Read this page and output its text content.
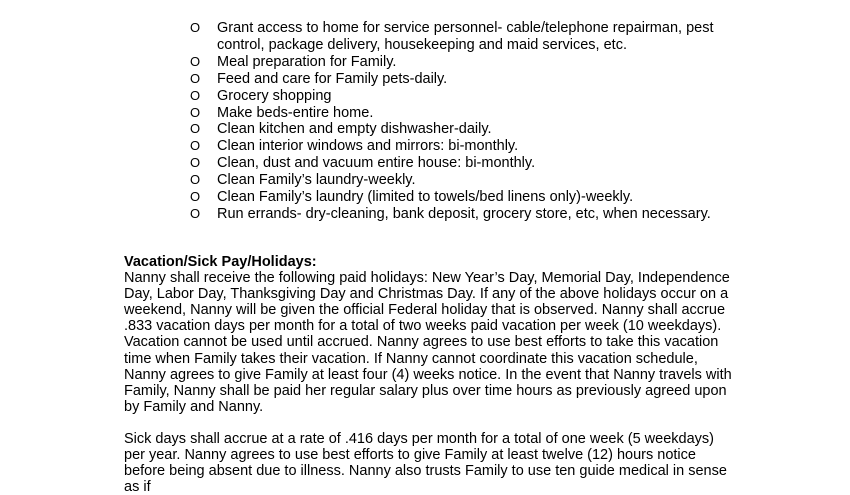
O	Grant access to home for service personnel- cable/telephone repairman, pest control, package delivery, housekeeping and maid services, etc.
O	Meal preparation for Family.
O	Feed and care for Family pets-daily.
O	Grocery shopping
O	Make beds-entire home.
O	Clean kitchen and empty dishwasher-daily.
O	Clean interior windows and mirrors: bi-monthly.
O	Clean, dust and vacuum entire house: bi-monthly.
O	Clean Family’s laundry-weekly.
O	Clean Family’s laundry (limited to towels/bed linens only)-weekly.
O	Run errands- dry-cleaning, bank deposit, grocery store, etc, when necessary.

Vacation/Sick Pay/Holidays:

Nanny shall receive the following paid holidays: New Year’s Day, Memorial Day, Independence Day, Labor Day, Thanksgiving Day and Christmas Day. If any of the above holidays occur on a weekend, Nanny will be given the official Federal holiday that is observed. Nanny shall accrue .833 vacation days per month for a total of two weeks paid vacation per week (10 weekdays). Vacation cannot be used until accrued. Nanny agrees to use best efforts to take this vacation time when Family takes their vacation. If Nanny cannot coordinate this vacation schedule, Nanny agrees to give Family at least four (4) weeks notice. In the event that Nanny travels with Family, Nanny shall be paid her regular salary plus over time hours as previously agreed upon by Family and Nanny.

Sick days shall accrue at a rate of .416 days per month for a total of one week (5 weekdays) per year. Nanny agrees to use best efforts to give Family at least twelve (12) hours notice before being absent due to illness. Nanny also trusts Family to use ten guide medical in sense as if
